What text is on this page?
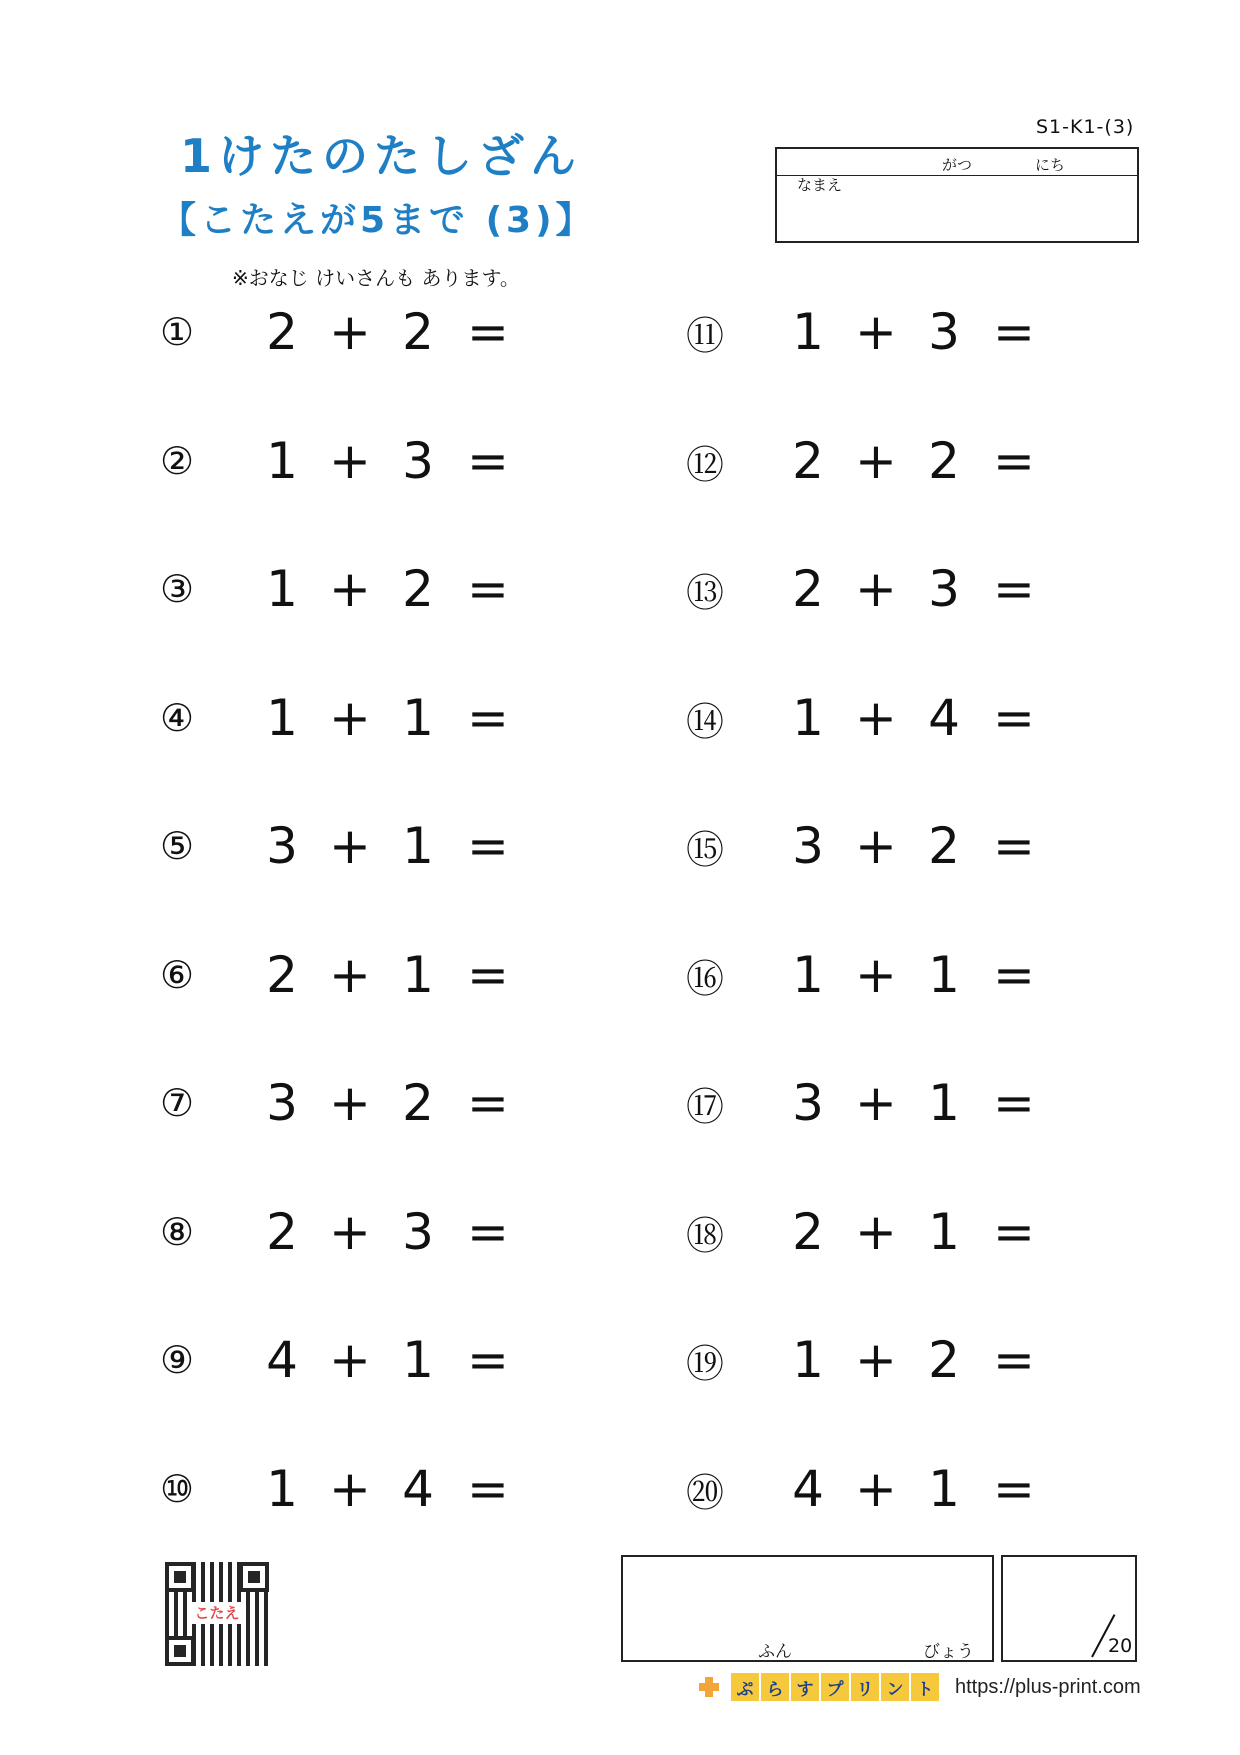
1けたのたしざん
【こたえが5まで (3)】
※おなじ けいさんも あります。
S1-K1-(3)
がつ	にち
なまえ
①	2 + 2 =
②	1 + 3 =
③	1 + 2 =
④	1 + 1 =
⑤	3 + 1 =
⑥	2 + 1 =
⑦	3 + 2 =
⑧	2 + 3 =
⑨	4 + 1 =
⑩	1 + 4 =
⑪	1 + 3 =
⑫	2 + 2 =
⑬	2 + 3 =
⑭	1 + 4 =
⑮	3 + 2 =
⑯	1 + 1 =
⑰	3 + 1 =
⑱	2 + 1 =
⑲	1 + 2 =
⑳	4 + 1 =
こたえ
ふん	びょう	20
ぷ ら す プ リ ン ト https://plus-print.com
